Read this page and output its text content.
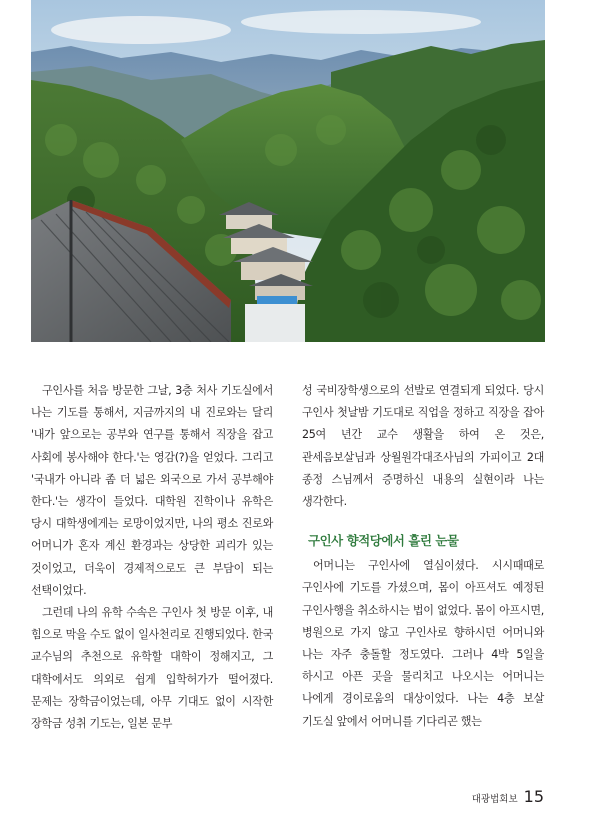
구인사를 처음 방문한 그날, 3층 처사 기도실에서 나는 기도를 통해서, 지금까지의 내 진로와는 달리 '내가 앞으로는 공부와 연구를 통해서 직장을 잡고 사회에 봉사해야 한다.'는 영감(?)을 얻었다. 그리고 '국내가 아니라 좀 더 넓은 외국으로 가서 공부해야 한다.'는 생각이 들었다. 대학원 진학이나 유학은 당시 대학생에게는 로망이었지만, 나의 평소 진로와 어머니가 혼자 계신 환경과는 상당한 괴리가 있는 것이었고, 더욱이 경제적으로도 큰 부담이 되는 선택이었다.

그런데 나의 유학 수속은 구인사 첫 방문 이후, 내 힘으로 막을 수도 없이 일사천리로 진행되었다. 한국 교수님의 추천으로 유학할 대학이 정해지고, 그 대학에서도 의외로 쉽게 입학허가가 떨어졌다. 문제는 장학금이었는데, 아무 기대도 없이 시작한 장학금 성취 기도는, 일본 문부

성 국비장학생으로의 선발로 연결되게 되었다. 당시 구인사 첫날밤 기도대로 직업을 정하고 직장을 잡아 25여 년간 교수 생활을 하여 온 것은, 관세음보살님과 상월원각대조사님의 가피이고 2대 종정 스님께서 증명하신 내용의 실현이라 나는 생각한다.

구인사 향적당에서 흘린 눈물

어머니는 구인사에 열심이셨다. 시시때때로 구인사에 기도를 가셨으며, 몸이 아프셔도 예정된 구인사행을 취소하시는 법이 없었다. 몸이 아프시면, 병원으로 가지 않고 구인사로 향하시던 어머니와 나는 자주 충돌할 정도였다. 그러나 4박 5일을 하시고 아픈 곳을 물리치고 나오시는 어머니는 나에게 경이로움의 대상이었다. 나는 4층 보살 기도실 앞에서 어머니를 기다리곤 했는

대광법회보 15
